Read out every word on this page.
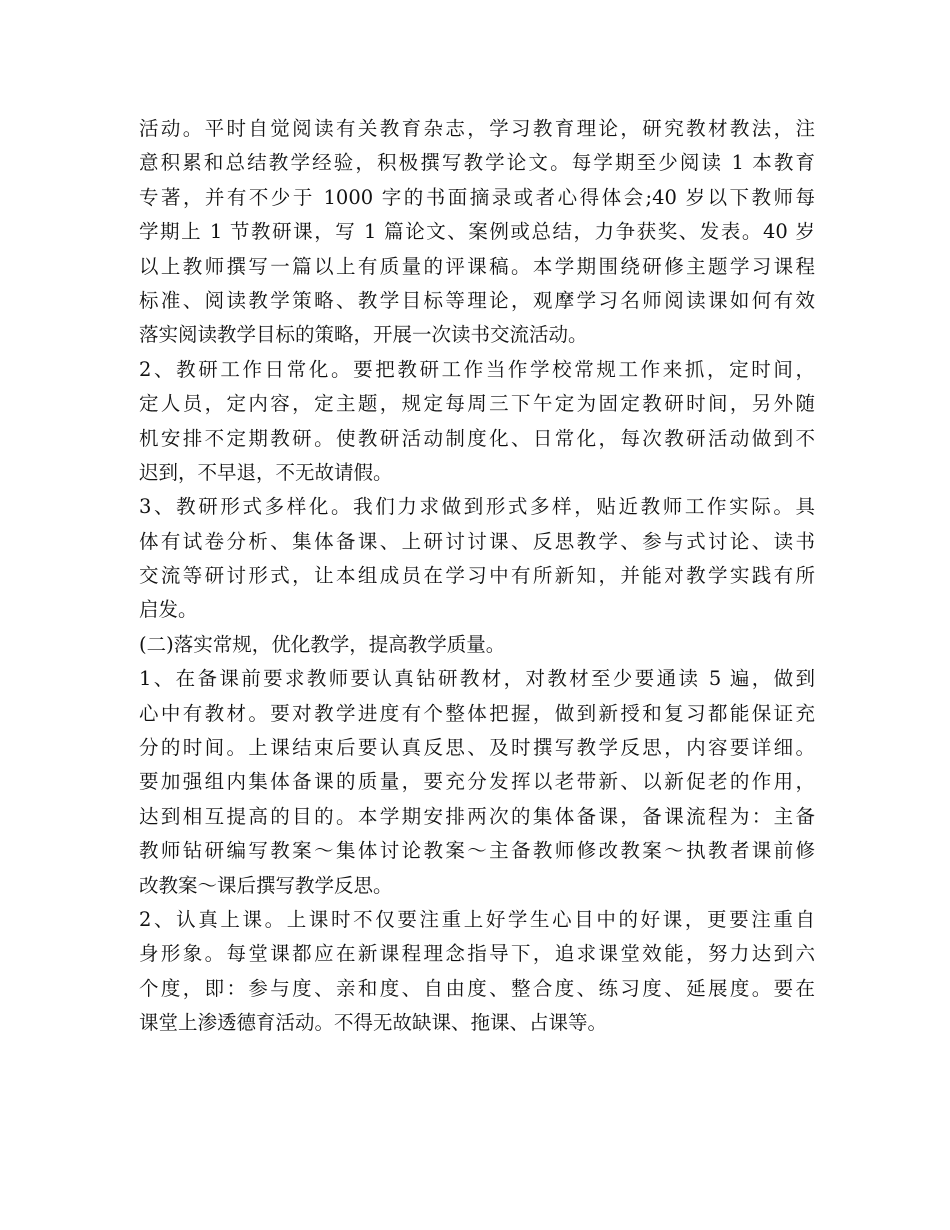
活动。平时自觉阅读有关教育杂志，学习教育理论，研究教材教法，注
意积累和总结教学经验，积极撰写教学论文。每学期至少阅读 1 本教育
专著，并有不少于 1000 字的书面摘录或者心得体会;40 岁以下教师每
学期上 1 节教研课，写 1 篇论文、案例或总结，力争获奖、发表。40 岁
以上教师撰写一篇以上有质量的评课稿。本学期围绕研修主题学习课程
标准、阅读教学策略、教学目标等理论，观摩学习名师阅读课如何有效
落实阅读教学目标的策略，开展一次读书交流活动。
2、教研工作日常化。要把教研工作当作学校常规工作来抓，定时间，
定人员，定内容，定主题，规定每周三下午定为固定教研时间，另外随
机安排不定期教研。使教研活动制度化、日常化，每次教研活动做到不
迟到，不早退，不无故请假。
3、教研形式多样化。我们力求做到形式多样，贴近教师工作实际。具
体有试卷分析、集体备课、上研讨讨课、反思教学、参与式讨论、读书
交流等研讨形式，让本组成员在学习中有所新知，并能对教学实践有所
启发。
(二)落实常规，优化教学，提高教学质量。
1、在备课前要求教师要认真钻研教材，对教材至少要通读 5 遍，做到
心中有教材。要对教学进度有个整体把握，做到新授和复习都能保证充
分的时间。上课结束后要认真反思、及时撰写教学反思，内容要详细。
要加强组内集体备课的质量，要充分发挥以老带新、以新促老的作用，
达到相互提高的目的。本学期安排两次的集体备课，备课流程为：主备
教师钻研编写教案～集体讨论教案～主备教师修改教案～执教者课前修
改教案～课后撰写教学反思。
2、认真上课。上课时不仅要注重上好学生心目中的好课，更要注重自
身形象。每堂课都应在新课程理念指导下，追求课堂效能，努力达到六
个度，即：参与度、亲和度、自由度、整合度、练习度、延展度。要在
课堂上渗透德育活动。不得无故缺课、拖课、占课等。
